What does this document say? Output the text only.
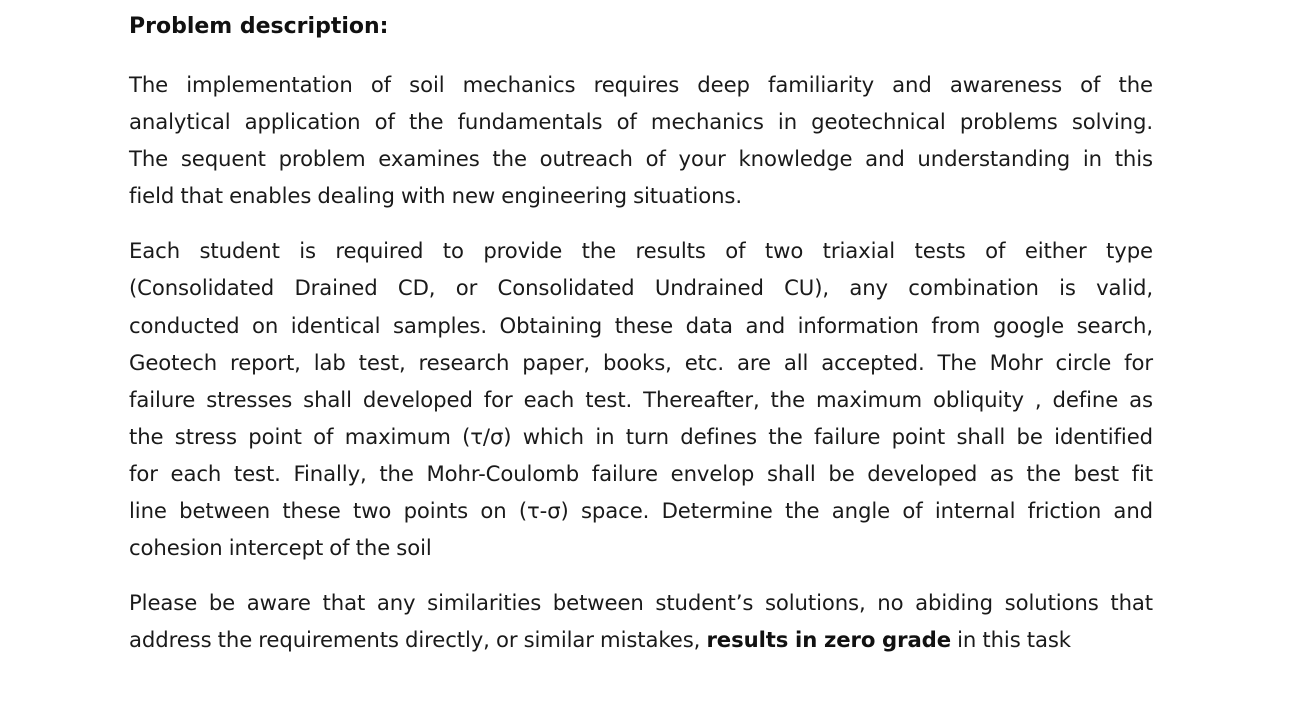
Problem description:
The implementation of soil mechanics requires deep familiarity and awareness of the
analytical application of the fundamentals of mechanics in geotechnical problems solving.
The sequent problem examines the outreach of your knowledge and understanding in this
field that enables dealing with new engineering situations.
Each student is required to provide the results of two triaxial tests of either type
(Consolidated Drained CD, or Consolidated Undrained CU), any combination is valid,
conducted on identical samples. Obtaining these data and information from google search,
Geotech report, lab test, research paper, books, etc. are all accepted. The Mohr circle for
failure stresses shall developed for each test. Thereafter, the maximum obliquity , define as
the stress point of maximum (τ/σ) which in turn defines the failure point shall be identified
for each test. Finally, the Mohr-Coulomb failure envelop shall be developed as the best fit
line between these two points on (τ-σ) space. Determine the angle of internal friction and
cohesion intercept of the soil
Please be aware that any similarities between student’s solutions, no abiding solutions that
address the requirements directly, or similar mistakes, results in zero grade in this task
